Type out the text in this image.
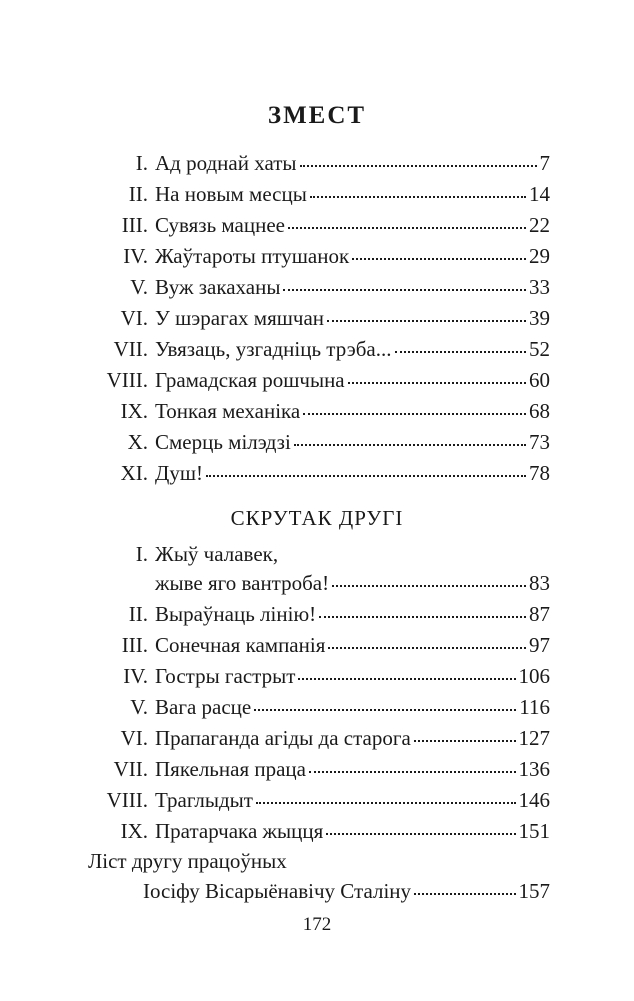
ЗМЕСТ
I. Ад роднай хаты	7
II. На новым месцы	14
III. Сувязь мацнее	22
IV. Жаўтароты птушанок	29
V. Вуж закаханы	33
VI. У шэрагах мяшчан	39
VII. Увязаць, узгадніць трэба...	52
VIII. Грамадская рошчына	60
IX. Тонкая механіка	68
X. Смерць мілэдзі	73
XI. Душ!	78
СКРУТАК ДРУГІ
I. Жыў чалавек,
жыве яго вантроба!	83
II. Выраўнаць лінію!	87
III. Сонечная кампанія	97
IV. Гостры гастрыт	106
V. Вага расце	116
VI. Прапаганда агіды да старога	127
VII. Пякельная праца	136
VIII. Траглыдыт	146
IX. Пратарчака жыцця	151
Ліст другу працоўных
Іосіфу Вісарыёнавічу Сталіну	157
172
